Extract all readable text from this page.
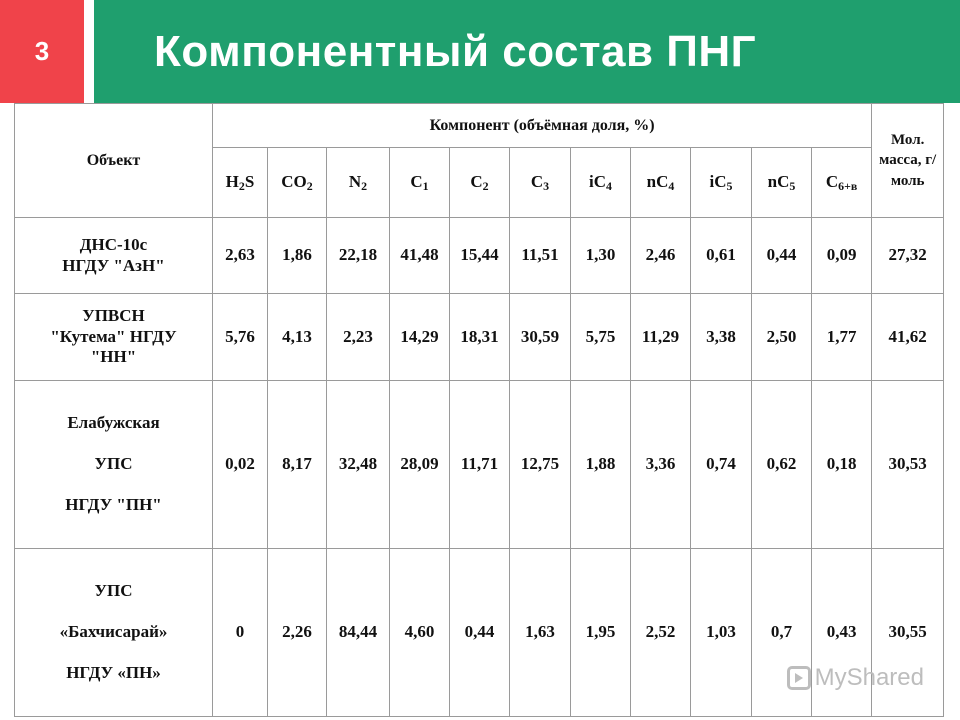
3	Компонентный состав ПНГ
Объект	Компонент (объёмная доля, %)											Мол. масса, г/моль
	$H_2S$	$CO_2$	$N_2$	$C_1$	$C_2$	$C_3$	$iC_4$	$nC_4$	$iC_5$	$nC_5$	$C_{6+в}$
ДНС-10с
НГДУ "АзН"	2,63	1,86	22,18	41,48	15,44	11,51	1,30	2,46	0,61	0,44	0,09	27,32
УПВСН
"Кутема" НГДУ
"НН"	5,76	4,13	2,23	14,29	18,31	30,59	5,75	11,29	3,38	2,50	1,77	41,62
Елабужская
УПС
НГДУ "ПН"	0,02	8,17	32,48	28,09	11,71	12,75	1,88	3,36	0,74	0,62	0,18	30,53
УПС
«Бахчисарай»
НГДУ «ПН»	0	2,26	84,44	4,60	0,44	1,63	1,95	2,52	1,03	0,7	0,43	30,55
MyShared
